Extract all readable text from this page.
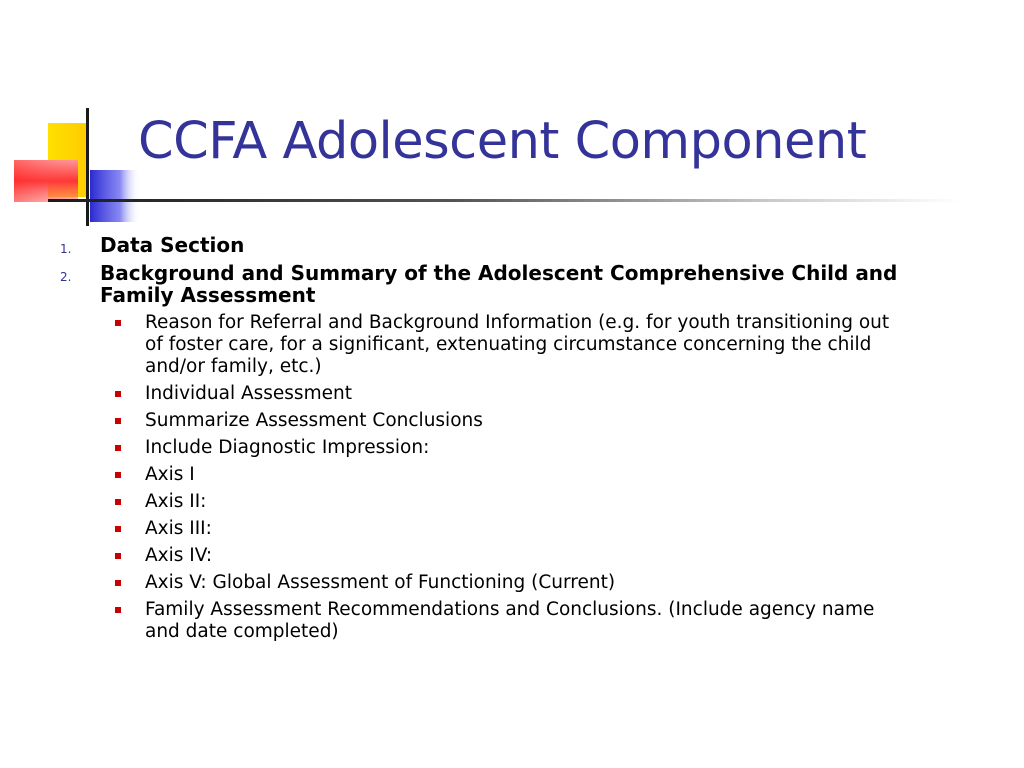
CCFA Adolescent Component
1. Data Section
2. Background and Summary of the Adolescent Comprehensive Child and Family Assessment
Reason for Referral and Background Information (e.g. for youth transitioning out of foster care, for a significant, extenuating circumstance concerning the child and/or family, etc.)
Individual Assessment
Summarize Assessment Conclusions
Include Diagnostic Impression:
Axis I
Axis II:
Axis III:
Axis IV:
Axis V: Global Assessment of Functioning (Current)
Family Assessment Recommendations and Conclusions. (Include agency name and date completed)
